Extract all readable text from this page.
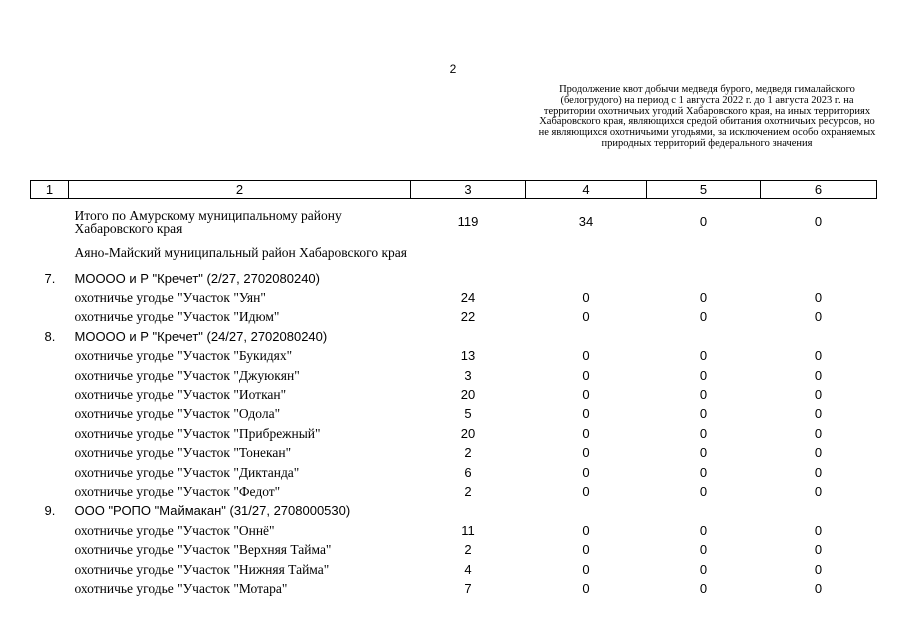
2
Продолжение квот добычи медведя бурого, медведя гималайского (белогрудого) на период с 1 августа 2022 г. до 1 августа 2023 г. на территории охотничьих угодий Хабаровского края, на иных территориях Хабаровского края, являющихся средой обитания охотничьих ресурсов, но не являющихся охотничьими угодьями, за исключением особо охраняемых природных территорий федерального значения
1	2	3	4	5	6

	Итого по Амурскому муниципальному району Хабаровского края	119	34	0	0
	Аяно-Майский муниципальный район Хабаровского края				
7.	МООOO и Р "Кречет" (2/27, 2702080240)				
	охотничье угодье "Участок "Уян"	24	0	0	0
	охотничье угодье "Участок "Идюм"	22	0	0	0
8.	МООOO и Р "Кречет" (24/27, 2702080240)				
	охотничье угодье "Участок "Букидях"	13	0	0	0
	охотничье угодье "Участок "Джуюкян"	3	0	0	0
	охотничье угодье "Участок "Иоткан"	20	0	0	0
	охотничье угодье "Участок "Одола"	5	0	0	0
	охотничье угодье "Участок "Прибрежный"	20	0	0	0
	охотничье угодье "Участок "Тонекан"	2	0	0	0
	охотничье угодье "Участок "Диктанда"	6	0	0	0
	охотничье угодье "Участок "Федот"	2	0	0	0
9.	ООО "РОПО "Маймакан" (31/27, 2708000530)				
	охотничье угодье "Участок "Оннё"	11	0	0	0
	охотничье угодье "Участок "Верхняя Тайма"	2	0	0	0
	охотничье угодье "Участок "Нижняя Тайма"	4	0	0	0
	охотничье угодье "Участок "Мотара"	7	0	0	0
